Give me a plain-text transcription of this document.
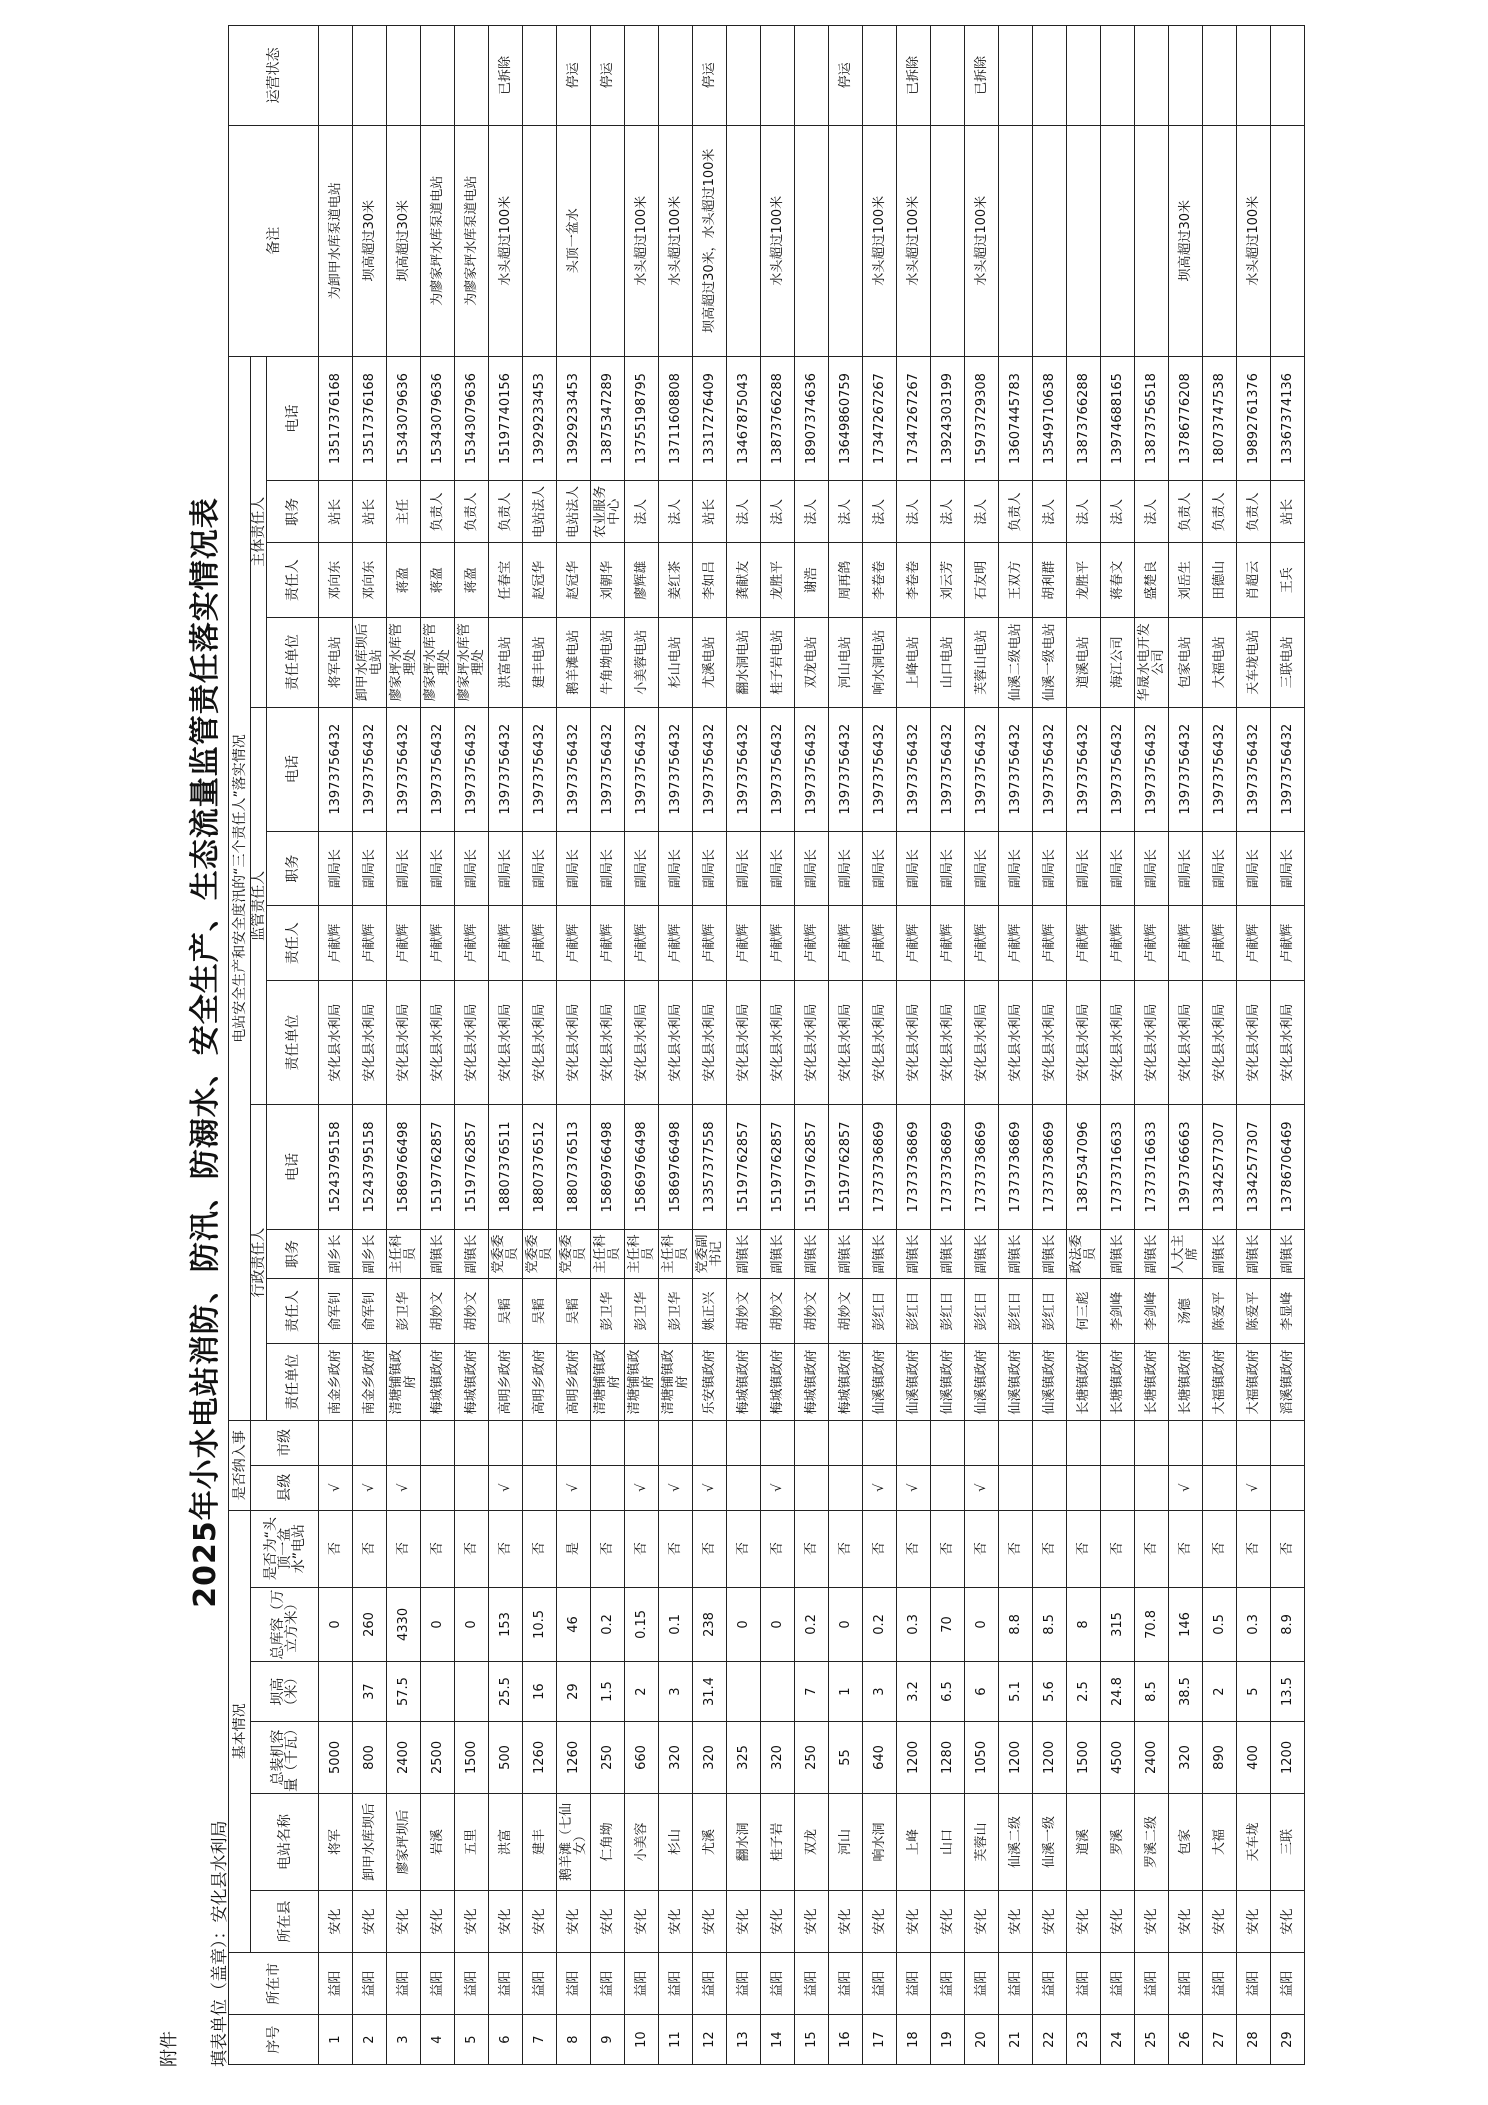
附件
2025年小水电站消防、防汛、防溺水、安全生产、生态流量监管责任落实情况表
填表单位（盖章）：安化县水利局	序号	所在市	基本情况						是否纳入事		电站安全生产和安全度汛的“三个责任人”落实情况												备注	运营状态
		所在县	电站名称	总装机容量（千瓦）	坝高（米）	总库容（万立方米）	是否为“头顶一盆水”电站	县级	市级	行政责任人				监管责任人				主体责任人					
										责任单位	责任人	职务	电话	责任单位	责任人	职务	电话	责任单位	责任人	职务	电话		
1	益阳	安化	将军	5000		0	否	√		南金乡政府	俞军钊	副乡长	15243795158	安化县水利局	卢献辉	副局长	13973756432	将军电站	邓向东	站长	13517376168	为卸甲水库泵道电站	
2	益阳	安化	卸甲水库坝后	800	37	260	否	√		南金乡政府	俞军钊	副乡长	15243795158	安化县水利局	卢献辉	副局长	13973756432	卸甲水库坝后电站	邓向东	站长	13517376168	坝高超过30米	
3	益阳	安化	廖家坪坝后	2400	57.5	4330	否	√		清塘铺镇政府	彭卫华	主任科员	15869766498	安化县水利局	卢献辉	副局长	13973756432	廖家坪水库管理处	蒋盈	主任	15343079636	坝高超过30米	
4	益阳	安化	岩溪	2500		0	否			梅城镇政府	胡妙文	副镇长	15197762857	安化县水利局	卢献辉	副局长	13973756432	廖家坪水库管理处	蒋盈	负责人	15343079636	为廖家坪水库泵道电站	
5	益阳	安化	五里	1500		0	否			梅城镇政府	胡妙文	副镇长	15197762857	安化县水利局	卢献辉	副局长	13973756432	廖家坪水库管理处	蒋盈	负责人	15343079636	为廖家坪水库泵道电站	
6	益阳	安化	洪富	500	25.5	153	否	√		高明乡政府	吴韬	党委委员	18807376511	安化县水利局	卢献辉	副局长	13973756432	洪富电站	任春宝	负责人	15197740156	水头超过100米	已拆除
7	益阳	安化	建丰	1260	16	10.5	否			高明乡政府	吴韬	党委委员	18807376512	安化县水利局	卢献辉	副局长	13973756432	建丰电站	赵冠华	电站法人	13929233453		
8	益阳	安化	鹅羊滩（七仙女）	1260	29	46	是	√		高明乡政府	吴韬	党委委员	18807376513	安化县水利局	卢献辉	副局长	13973756432	鹅羊滩电站	赵冠华	电站法人	13929233453	头顶一盆水	停运
9	益阳	安化	仁角坳	250	1.5	0.2	否			清塘铺镇政府	彭卫华	主任科员	15869766498	安化县水利局	卢献辉	副局长	13973756432	牛角坳电站	刘朝华	农业服务中心	13875347289		停运
10	益阳	安化	小美容	660	2	0.15	否	√		清塘铺镇政府	彭卫华	主任科员	15869766498	安化县水利局	卢献辉	副局长	13973756432	小美蓉电站	廖辉雄	法人	13755198795	水头超过100米	
11	益阳	安化	杉山	320	3	0.1	否	√		清塘铺镇政府	彭卫华	主任科员	15869766498	安化县水利局	卢献辉	副局长	13973756432	杉山电站	姜红茶	法人	13711608808	水头超过100米	
12	益阳	安化	尤溪	320	31.4	238	否	√		乐安镇政府	姚正兴	党委副书记	13357377558	安化县水利局	卢献辉	副局长	13973756432	尤溪电站	李如吕	站长	13317276409	坝高超过30米，水头超过100米	停运
13	益阳	安化	翻水洞	325		0	否			梅城镇政府	胡妙文	副镇长	15197762857	安化县水利局	卢献辉	副局长	13973756432	翻水洞电站	龚献友	法人	13467875043		
14	益阳	安化	桂子岩	320		0	否	√		梅城镇政府	胡妙文	副镇长	15197762857	安化县水利局	卢献辉	副局长	13973756432	桂子岩电站	龙胜平	法人	13873766288	水头超过100米	
15	益阳	安化	双龙	250	7	0.2	否			梅城镇政府	胡妙文	副镇长	15197762857	安化县水利局	卢献辉	副局长	13973756432	双龙电站	谢浩	法人	18907374636		
16	益阳	安化	河山	55	1	0	否			梅城镇政府	胡妙文	副镇长	15197762857	安化县水利局	卢献辉	副局长	13973756432	河山电站	周再鸽	法人	13649860759		停运
17	益阳	安化	响水洞	640	3	0.2	否	√		仙溪镇政府	彭红日	副镇长	17373736869	安化县水利局	卢献辉	副局长	13973756432	响水洞电站	李卷卷	法人	17347267267	水头超过100米	
18	益阳	安化	上峰	1200	3.2	0.3	否	√		仙溪镇政府	彭红日	副镇长	17373736869	安化县水利局	卢献辉	副局长	13973756432	上峰电站	李卷卷	法人	17347267267	水头超过100米	已拆除
19	益阳	安化	山口	1280	6.5	70	否			仙溪镇政府	彭红日	副镇长	17373736869	安化县水利局	卢献辉	副局长	13973756432	山口电站	刘云芳	法人	13924303199		
20	益阳	安化	芙蓉山	1050	6	0	否	√		仙溪镇政府	彭红日	副镇长	17373736869	安化县水利局	卢献辉	副局长	13973756432	芙蓉山电站	石友明	法人	15973729308	水头超过100米	已拆除
21	益阳	安化	仙溪二级	1200	5.1	8.8	否			仙溪镇政府	彭红日	副镇长	17373736869	安化县水利局	卢献辉	副局长	13973756432	仙溪二级电站	王双方	负责人	13607445783		
22	益阳	安化	仙溪一级	1200	5.6	8.5	否			仙溪镇政府	彭红日	副镇长	17373736869	安化县水利局	卢献辉	副局长	13973756432	仙溪一级电站	胡利群	法人	13549710638		
23	益阳	安化	道溪	1500	2.5	8	否			长塘镇政府	何三彪	政法委员	13875347096	安化县水利局	卢献辉	副局长	13973756432	道溪电站	龙胜平	法人	13873766288		
24	益阳	安化	罗溪	4500	24.8	315	否			长塘镇政府	李剑峰	副镇长	17373716633	安化县水利局	卢献辉	副局长	13973756432	海江公司	蒋春文	法人	13974688165		
25	益阳	安化	罗溪二级	2400	8.5	70.8	否			长塘镇政府	李剑峰	副镇长	17373716633	安化县水利局	卢献辉	副局长	13973756432	华晟水电开发公司	盛楚良	法人	13873756518		
26	益阳	安化	包家	320	38.5	146	否	√		长塘镇政府	汤德	人大主席	13973766663	安化县水利局	卢献辉	副局长	13973756432	包家电站	刘岳生	负责人	13786776208	坝高超过30米	
27	益阳	安化	大福	890	2	0.5	否			大福镇政府	陈爱平	副镇长	13342577307	安化县水利局	卢献辉	副局长	13973756432	大福电站	田德山	负责人	18073747538		
28	益阳	安化	天车垅	400	5	0.3	否	√		大福镇政府	陈爱平	副镇长	13342577307	安化县水利局	卢献辉	副局长	13973756432	天车垅电站	肖超云	负责人	19892761376	水头超过100米	
29	益阳	安化	三联	1200	13.5	8.9	否			滔溪镇政府	李显峰	副镇长	13786706469	安化县水利局	卢献辉	副局长	13973756432	三联电站	王兵	站长	13367374136		
